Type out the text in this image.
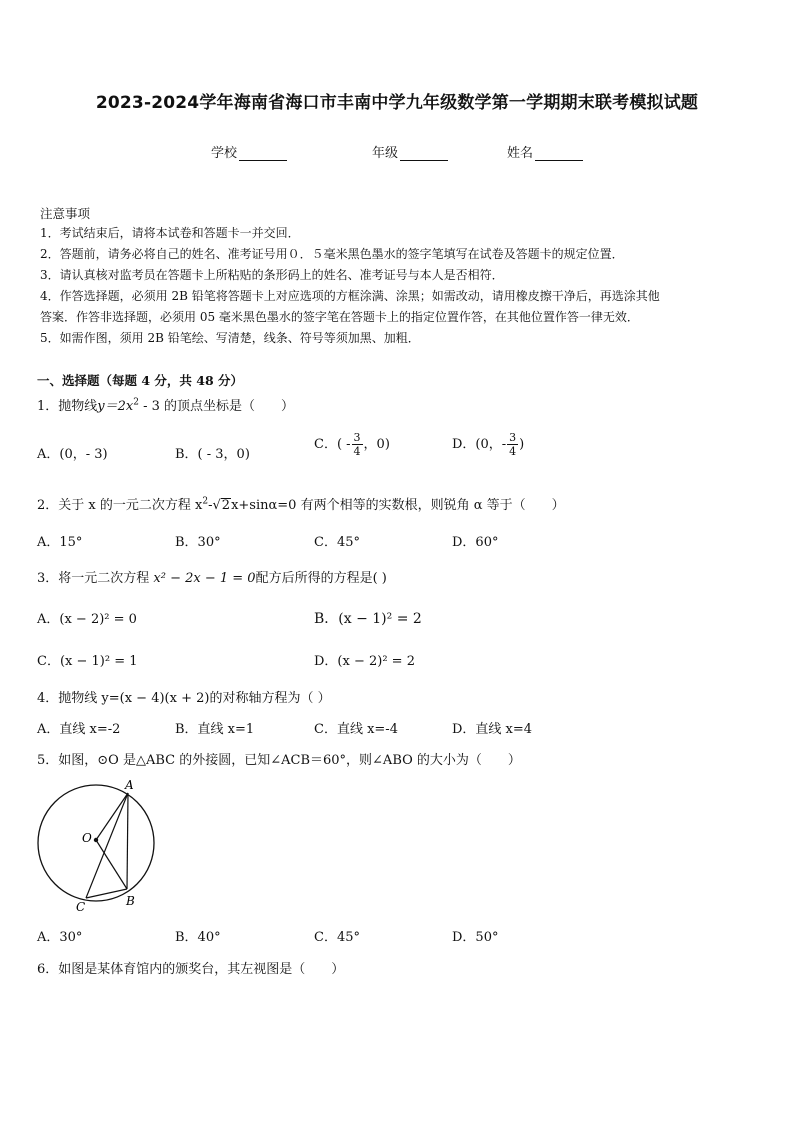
2023-2024学年海南省海口市丰南中学九年级数学第一学期期末联考模拟试题
学校	年级	姓名
注意事项
1．考试结束后，请将本试卷和答题卡一并交回．
2．答题前，请务必将自己的姓名、准考证号用０．５毫米黑色墨水的签字笔填写在试卷及答题卡的规定位置．
3．请认真核对监考员在答题卡上所粘贴的条形码上的姓名、准考证号与本人是否相符．
4．作答选择题，必须用 2B 铅笔将答题卡上对应选项的方框涂满、涂黑；如需改动，请用橡皮擦干净后，再选涂其他
答案．作答非选择题，必须用 05 毫米黑色墨水的签字笔在答题卡上的指定位置作答，在其他位置作答一律无效．
5．如需作图，须用 2B 铅笔绘、写清楚，线条、符号等须加黑、加粗．
一、选择题（每题 4 分，共 48 分）
1．抛物线$y=2x^2 - 3$ 的顶点坐标是（　　）
A．(0，- 3)	B．( - 3，0)
C．( - $\frac{3}{4}$ ，0)	D．(0，- $\frac{3}{4}$ )
2．关于 x 的一元二次方程 $x^2-√2x+\sin\alpha=0$ 有两个相等的实数根，则锐角 α 等于（　　）
A．15°	B．30°	C．45°	D．60°
3．将一元二次方程 x² − 2x − 1 = 0配方后所得的方程是( )
A．(x − 2)² = 0	B．(x − 1)² = 2
C．(x − 1)² = 1	D．(x − 2)² = 2
4．抛物线 y=(x − 4)(x + 2)的对称轴方程为（ ）
A．直线 x=-2	B．直线 x=1	C．直线 x=-4	D．直线 x=4
5．如图，⊙O 是△ABC 的外接圆，已知∠ACB＝60°，则∠ABO 的大小为（　　）
A
B
C
O
A．30°	B．40°	C．45°	D．50°
6．如图是某体育馆内的颁奖台，其左视图是（　　）
